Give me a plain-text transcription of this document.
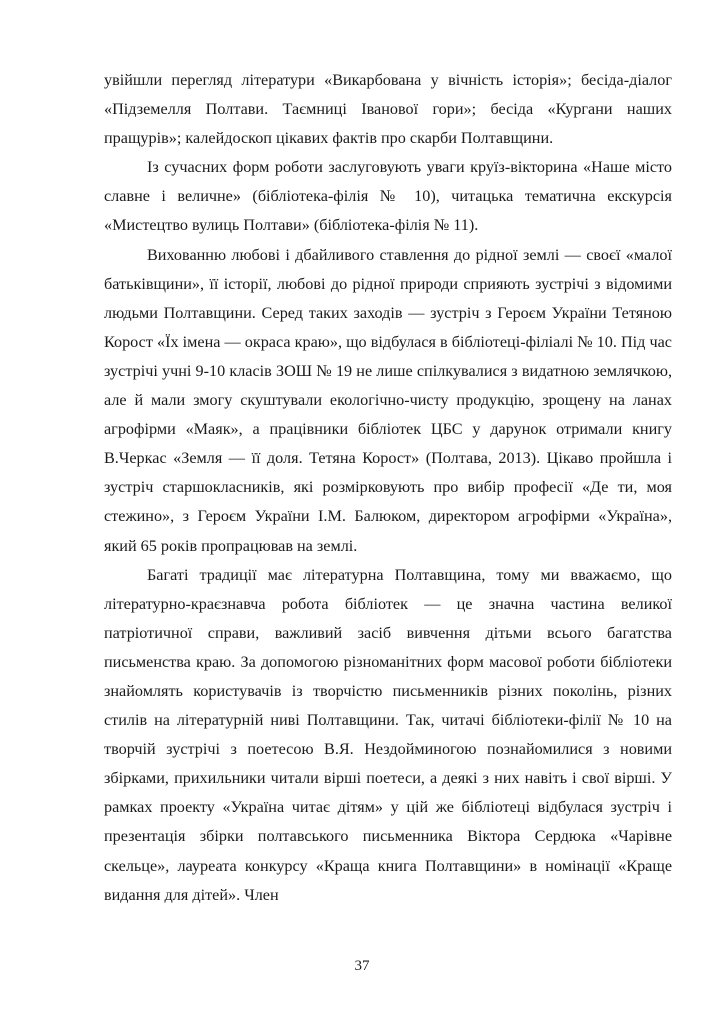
увійшли перегляд літератури «Викарбована у вічність історія»; бесіда-діалог «Підземелля Полтави. Таємниці Іванової гори»; бесіда «Кургани наших пращурів»; калейдоскоп цікавих фактів про скарби Полтавщини.

Із сучасних форм роботи заслуговують уваги круїз-вікторина «Наше місто славне і величне» (бібліотека-філія № 10), читацька тематична екскурсія «Мистецтво вулиць Полтави» (бібліотека-філія № 11).

Вихованню любові і дбайливого ставлення до рідної землі — своєї «малої батьківщини», її історії, любові до рідної природи сприяють зустрічі з відомими людьми Полтавщини. Серед таких заходів — зустріч з Героєм України Тетяною Корост «Їх імена — окраса краю», що відбулася в бібліотеці-філіалі № 10. Під час зустрічі учні 9-10 класів ЗОШ № 19 не лише спілкувалися з видатною землячкою, але й мали змогу скуштували екологічно-чисту продукцію, зрощену на ланах агрофірми «Маяк», а працівники бібліотек ЦБС у дарунок отримали книгу В.Черкас «Земля — її доля. Тетяна Корост» (Полтава, 2013). Цікаво пройшла і зустріч старшокласників, які розмірковують про вибір професії «Де ти, моя стежино», з Героєм України І.М. Балюком, директором агрофірми «Україна», який 65 років пропрацював на землі.

Багаті традиції має літературна Полтавщина, тому ми вважаємо, що літературно-краєзнавча робота бібліотек — це значна частина великої патріотичної справи, важливий засіб вивчення дітьми всього багатства письменства краю. За допомогою різноманітних форм масової роботи бібліотеки знайомлять користувачів із творчістю письменників різних поколінь, різних стилів на літературній ниві Полтавщини. Так, читачі бібліотеки-філії № 10 на творчій зустрічі з поетесою В.Я. Нездойминогою познайомилися з новими збірками, прихильники читали вірші поетеси, а деякі з них навіть і свої вірші. У рамках проекту «Україна читає дітям» у цій же бібліотеці відбулася зустріч і презентація збірки полтавського письменника Віктора Сердюка «Чарівне скельце», лауреата конкурсу «Краща книга Полтавщини» в номінації «Краще видання для дітей». Член

37
